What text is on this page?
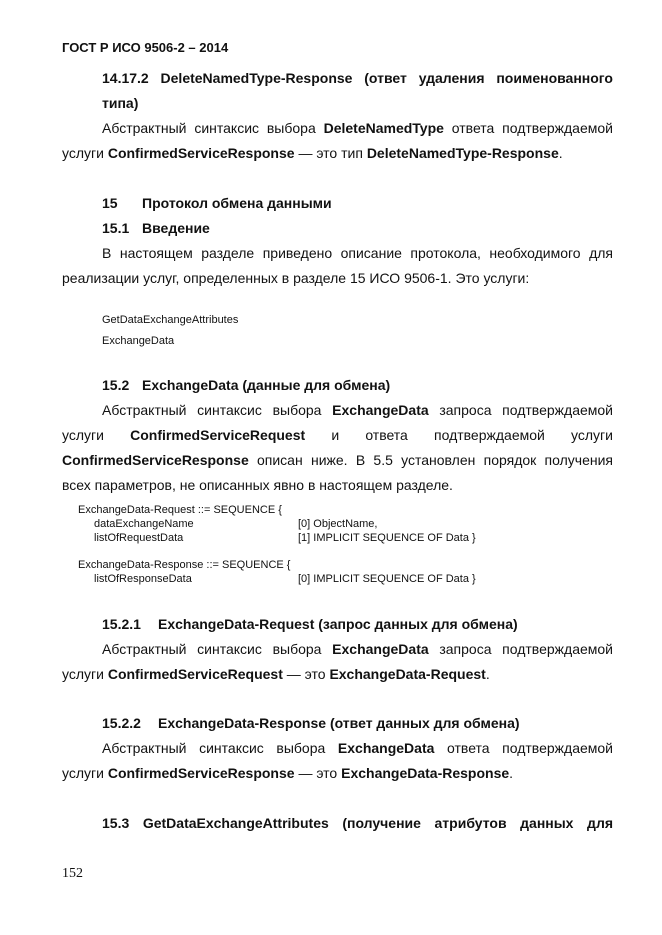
ГОСТ Р ИСО 9506-2 – 2014
14.17.2 DeleteNamedType-Response (ответ удаления поименованного
типа)
Абстрактный синтаксис выбора DeleteNamedType ответа подтверждаемой
услуги ConfirmedServiceResponse — это тип DeleteNamedType-Response.
15 Протокол обмена данными
15.1 Введение
В настоящем разделе приведено описание протокола, необходимого для
реализации услуг, определенных в разделе 15 ИСО 9506-1. Это услуги:
GetDataExchangeAttributes
ExchangeData
15.2 ExchangeData (данные для обмена)
Абстрактный синтаксис выбора ExchangeData запроса подтверждаемой
услуги ConfirmedServiceRequest и ответа подтверждаемой услуги
ConfirmedServiceResponse описан ниже. В 5.5 установлен порядок получения
всех параметров, не описанных явно в настоящем разделе.
ExchangeData-Request ::= SEQUENCE {
dataExchangeName	[0] ObjectName,
listOfRequestData	[1] IMPLICIT SEQUENCE OF Data }
ExchangeData-Response ::= SEQUENCE {
listOfResponseData	[0] IMPLICIT SEQUENCE OF Data }
15.2.1 ExchangeData-Request (запрос данных для обмена)
Абстрактный синтаксис выбора ExchangeData запроса подтверждаемой
услуги ConfirmedServiceRequest — это ExchangeData-Request.
15.2.2 ExchangeData-Response (ответ данных для обмена)
Абстрактный синтаксис выбора ExchangeData ответа подтверждаемой
услуги ConfirmedServiceResponse — это ExchangeData-Response.
15.3 GetDataExchangeAttributes (получение атрибутов данных для
152
